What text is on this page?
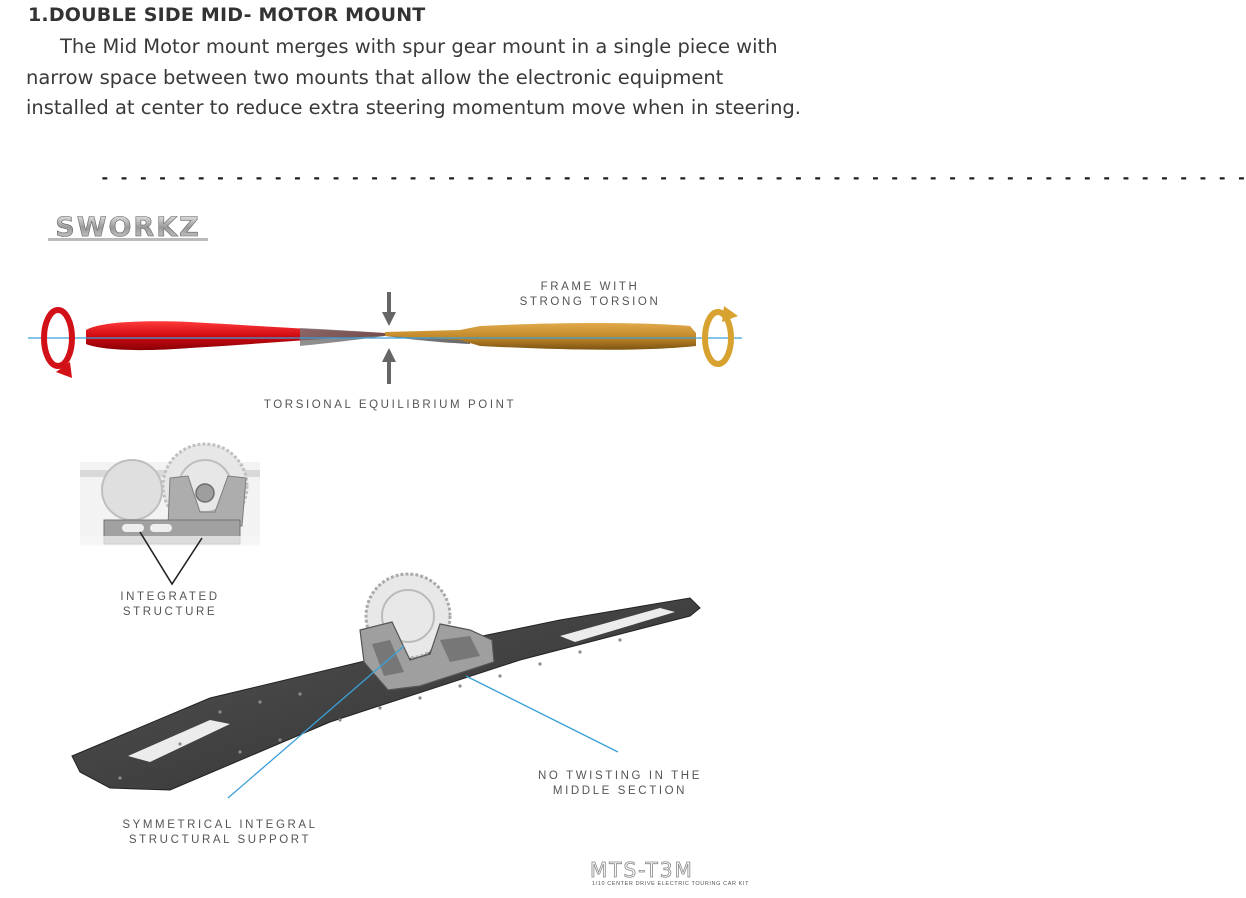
1.DOUBLE SIDE MID- MOTOR MOUNT
The Mid Motor mount merges with spur gear mount in a single piece with narrow space between two mounts that allow the electronic equipment installed at center to reduce extra steering momentum move when in steering.
- - - - - - - - - - - - - - - - - - - - - - - - - - - - - - - - - - - - - - - - - - - - - - - - - - - - - - - - - - - -
SWORKZ
FRAME WITH
STRONG TORSION
TORSIONAL EQUILIBRIUM POINT
INTEGRATED
STRUCTURE
NO TWISTING IN THE
MIDDLE SECTION
SYMMETRICAL INTEGRAL
STRUCTURAL SUPPORT
MTS-T3M
1/10 CENTER DRIVE ELECTRIC TOURING CAR KIT
